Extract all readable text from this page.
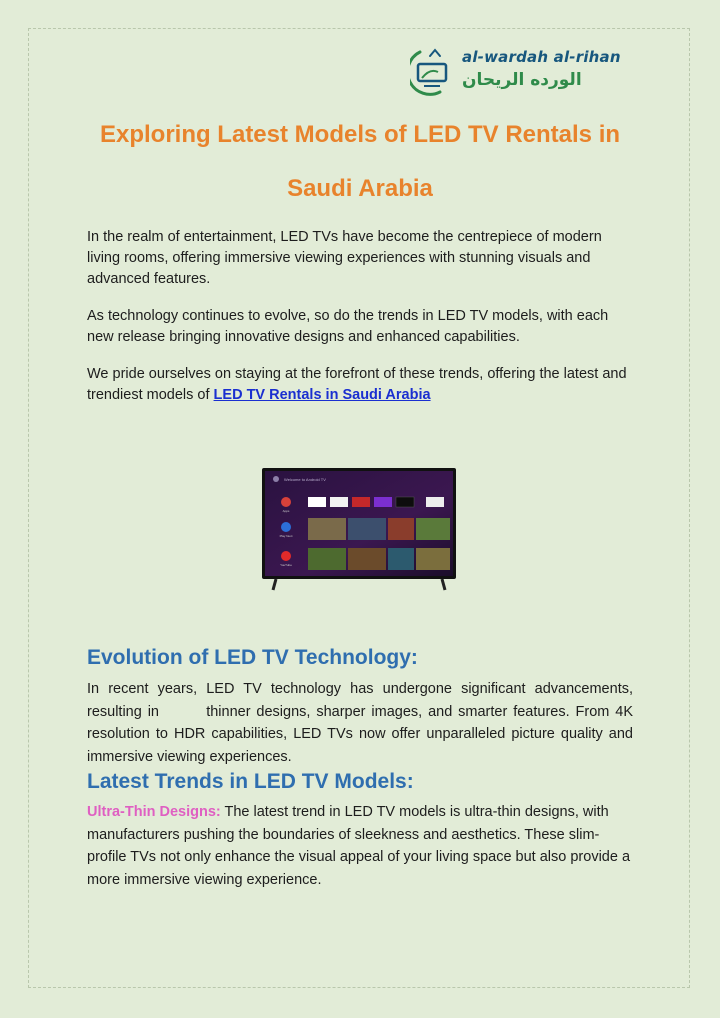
al-wardah al-rihan
الورده الريحان
Exploring Latest Models of LED TV Rentals in
Saudi Arabia

In the realm of entertainment, LED TVs have become the centrepiece of modern living rooms, offering immersive viewing experiences with stunning visuals and advanced features.

As technology continues to evolve, so do the trends in LED TV models, with each new release bringing innovative designs and enhanced capabilities.

We pride ourselves on staying at the forefront of these trends, offering the latest and trendiest models of LED TV Rentals in Saudi Arabia

Welcome to Android TV
Apps
Play Next
YouTube
Evolution of LED TV Technology:

In recent years, LED TV technology has undergone significant advancements, resulting in        thinner designs, sharper images, and smarter features. From 4K resolution to HDR capabilities, LED TVs now offer unparalleled picture quality and immersive viewing experiences.

Latest Trends in LED TV Models:

Ultra-Thin Designs: The latest trend in LED TV models is ultra-thin designs, with manufacturers pushing the boundaries of sleekness and aesthetics. These slim-profile TVs not only enhance the visual appeal of your living space but also provide a more immersive viewing experience.
